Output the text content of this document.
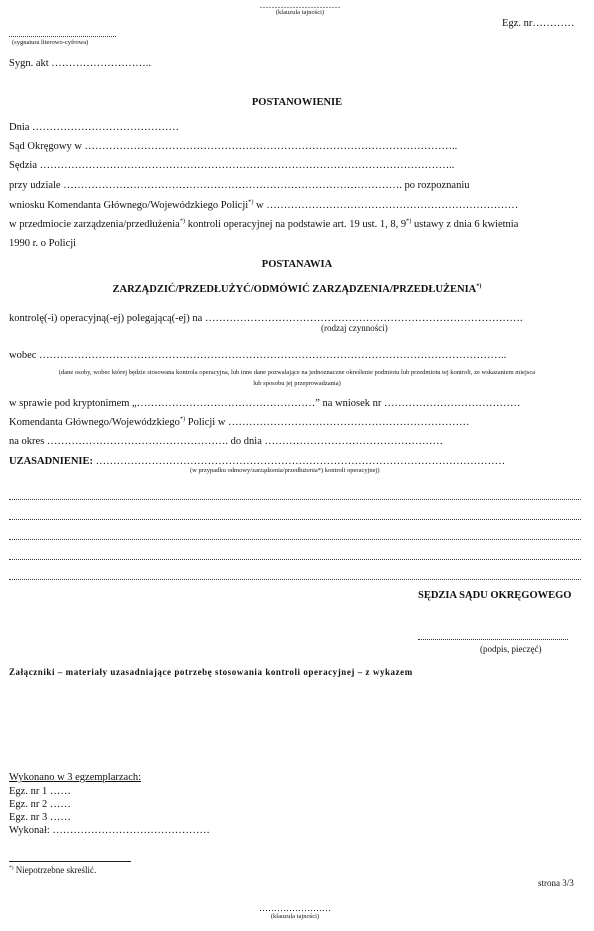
………………………
(klauzula tajności)
Egz. nr…………
(sygnatura literowo-cyfrowa)
Sygn. akt ………………………..
POSTANOWIENIE
Dnia ……………………………………
Sąd Okręgowy w ……………………………………………………………………………………………..
Sędzia ………………………………………………………………………………………………………..
przy udziale ……………………………………………………………………………………. po rozpoznaniu
wniosku Komendanta Głównego/Wojewódzkiego Policji*) w ………………………………………………………………
w przedmiocie zarządzenia/przedłużenia*) kontroli operacyjnej na podstawie art. 19 ust. 1, 8, 9*) ustawy z dnia 6 kwietnia
1990 r. o Policji
POSTANAWIA
ZARZĄDZIĆ/PRZEDŁUŻYĆ/ODMÓWIĆ ZARZĄDZENIA/PRZEDŁUŻENIA*)
kontrolę(-i) operacyjną(-ej) polegającą(-ej) na ……………………………………………………………………………….
(rodzaj czynności)
wobec ……………………………………………………………………………………………………………………..
(dane osoby, wobec której będzie stosowana kontrola operacyjna, lub inne dane pozwalające na jednoznaczne określenie podmiotu lub przedmiotu tej kontroli, ze wskazaniem miejsca
lub sposobu jej przeprowadzania)
w sprawie pod kryptonimem „……………………………………………” na wniosek nr …………………………………
Komendanta Głównego/Wojewódzkiego*) Policji w ……………………………………………………………
na okres ……………………………………………. do dnia ……………………………………………
UZASADNIENIE: ………………………………………………………………………………………………………
(w przypadku odmowy/zarządzenia/przedłużenia*) kontroli operacyjnej)
SĘDZIA SĄDU OKRĘGOWEGO
(podpis, pieczęć)
Załączniki – materiały uzasadniające potrzebę stosowania kontroli operacyjnej – z wykazem
Wykonano w 3 egzemplarzach:
Egz. nr 1 ……
Egz. nr 2 ……
Egz. nr 3 ……
Wykonał: ………………………………………
*) Niepotrzebne skreślić.
strona 3/3
……………………
(klauzula tajności)
